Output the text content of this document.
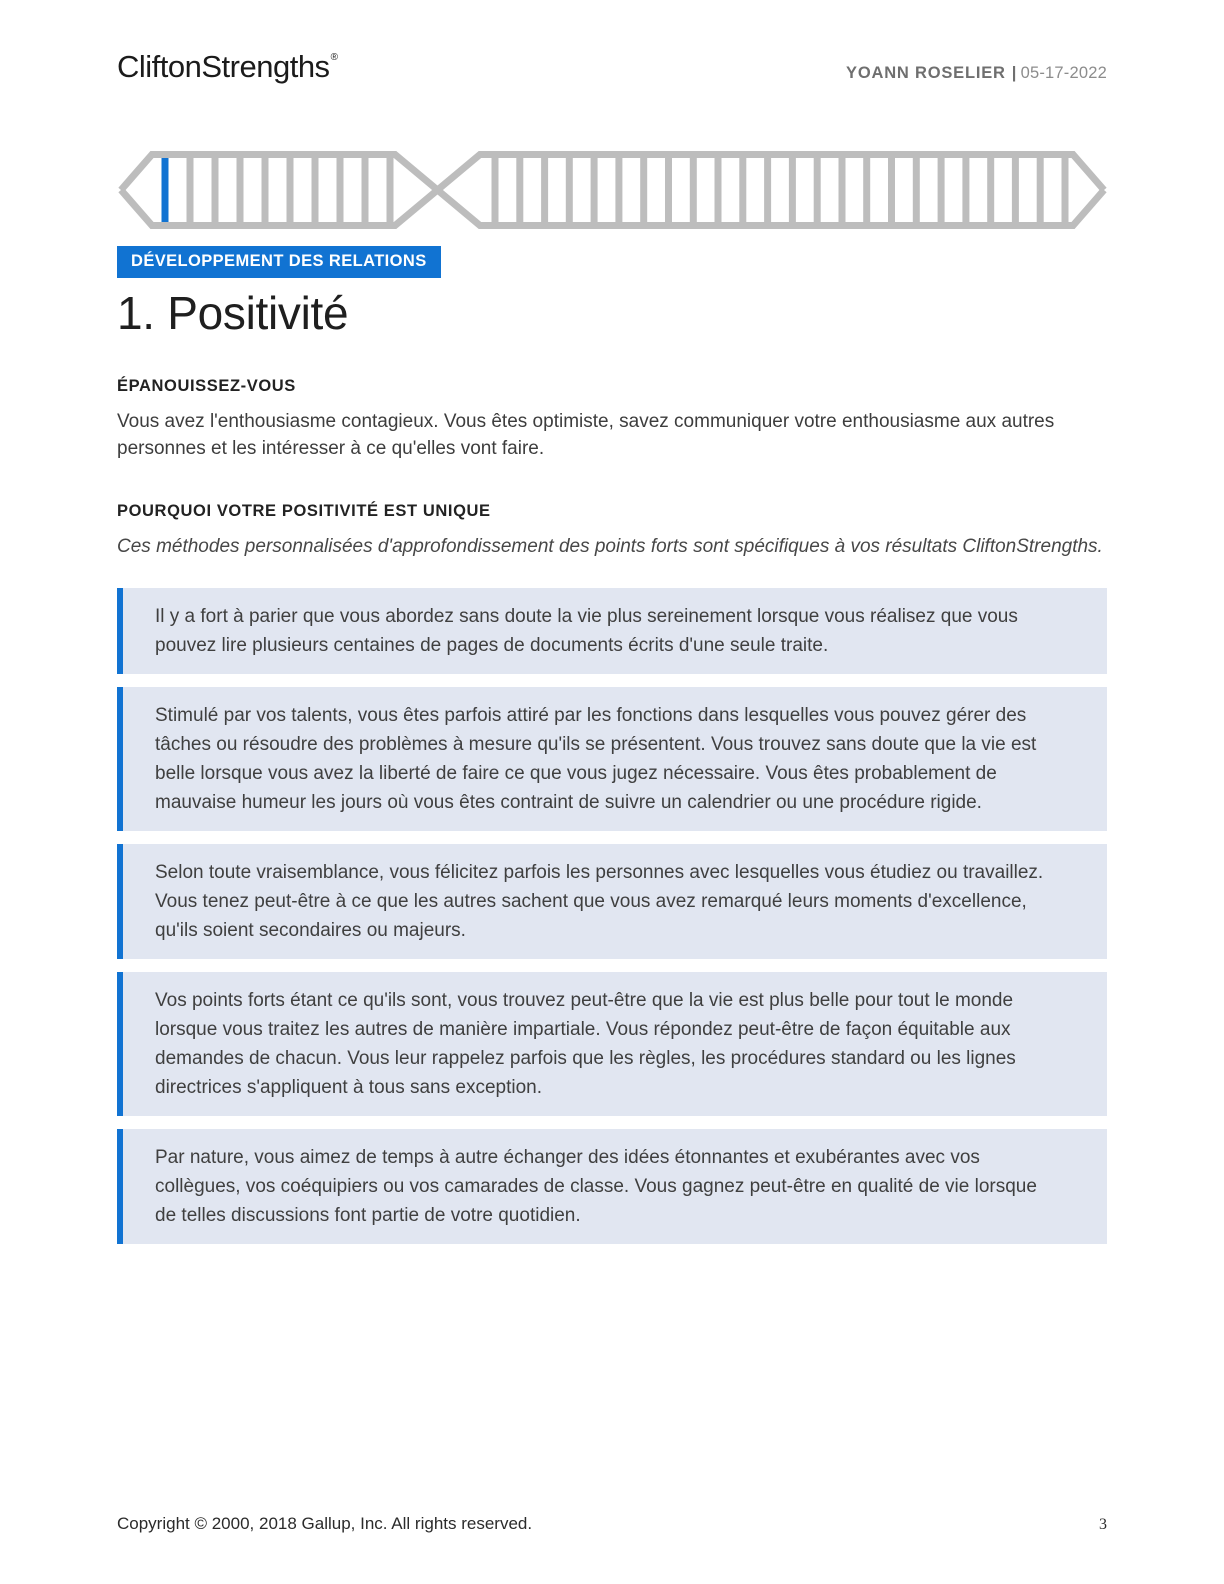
CliftonStrengths®
YOANN ROSELIER | 05-17-2022
DÉVELOPPEMENT DES RELATIONS
1. Positivité
ÉPANOUISSEZ-VOUS

Vous avez l'enthousiasme contagieux. Vous êtes optimiste, savez communiquer votre enthousiasme aux autres personnes et les intéresser à ce qu'elles vont faire.

POURQUOI VOTRE POSITIVITÉ EST UNIQUE

Ces méthodes personnalisées d'approfondissement des points forts sont spécifiques à vos résultats CliftonStrengths.

Il y a fort à parier que vous abordez sans doute la vie plus sereinement lorsque vous réalisez que vous pouvez lire plusieurs centaines de pages de documents écrits d'une seule traite.

Stimulé par vos talents, vous êtes parfois attiré par les fonctions dans lesquelles vous pouvez gérer des tâches ou résoudre des problèmes à mesure qu'ils se présentent. Vous trouvez sans doute que la vie est belle lorsque vous avez la liberté de faire ce que vous jugez nécessaire. Vous êtes probablement de mauvaise humeur les jours où vous êtes contraint de suivre un calendrier ou une procédure rigide.

Selon toute vraisemblance, vous félicitez parfois les personnes avec lesquelles vous étudiez ou travaillez. Vous tenez peut-être à ce que les autres sachent que vous avez remarqué leurs moments d'excellence, qu'ils soient secondaires ou majeurs.

Vos points forts étant ce qu'ils sont, vous trouvez peut-être que la vie est plus belle pour tout le monde lorsque vous traitez les autres de manière impartiale. Vous répondez peut-être de façon équitable aux demandes de chacun. Vous leur rappelez parfois que les règles, les procédures standard ou les lignes directrices s'appliquent à tous sans exception.

Par nature, vous aimez de temps à autre échanger des idées étonnantes et exubérantes avec vos collègues, vos coéquipiers ou vos camarades de classe. Vous gagnez peut-être en qualité de vie lorsque de telles discussions font partie de votre quotidien.

Copyright © 2000, 2018 Gallup, Inc. All rights reserved.	3
